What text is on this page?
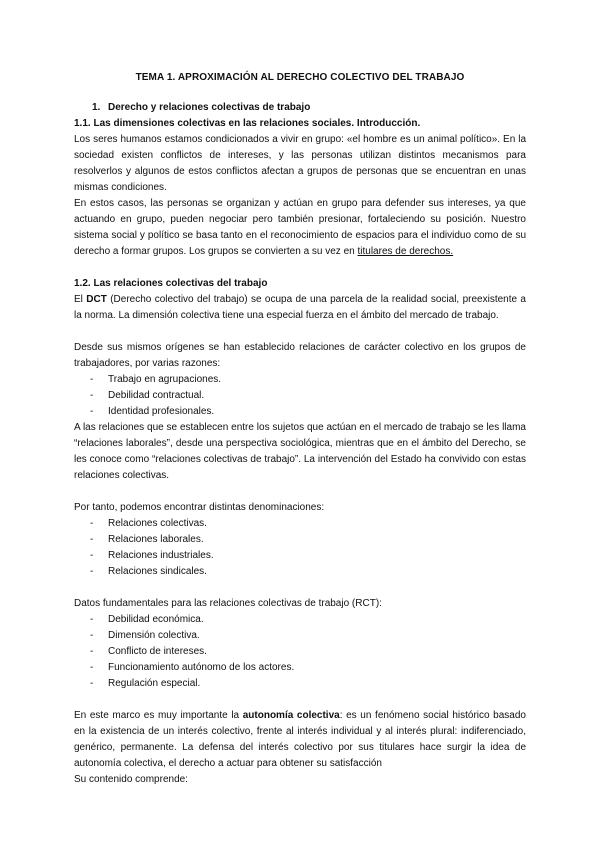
TEMA 1. APROXIMACIÓN AL DERECHO COLECTIVO DEL TRABAJO
1. Derecho y relaciones colectivas de trabajo
1.1. Las dimensiones colectivas en las relaciones sociales. Introducción.

Los seres humanos estamos condicionados a vivir en grupo: «el hombre es un animal político». En la sociedad existen conflictos de intereses, y las personas utilizan distintos mecanismos para resolverlos y algunos de estos conflictos afectan a grupos de personas que se encuentran en unas mismas condiciones.

En estos casos, las personas se organizan y actúan en grupo para defender sus intereses, ya que actuando en grupo, pueden negociar pero también presionar, fortaleciendo su posición. Nuestro sistema social y político se basa tanto en el reconocimiento de espacios para el individuo como de su derecho a formar grupos. Los grupos se convierten a su vez en titulares de derechos.

1.2. Las relaciones colectivas del trabajo

El DCT (Derecho colectivo del trabajo) se ocupa de una parcela de la realidad social, preexistente a la norma. La dimensión colectiva tiene una especial fuerza en el ámbito del mercado de trabajo.

Desde sus mismos orígenes se han establecido relaciones de carácter colectivo en los grupos de trabajadores, por varias razones:

- Trabajo en agrupaciones.
- Debilidad contractual.
- Identidad profesionales.

A las relaciones que se establecen entre los sujetos que actúan en el mercado de trabajo se les llama “relaciones laborales”, desde una perspectiva sociológica, mientras que en el ámbito del Derecho, se les conoce como “relaciones colectivas de trabajo”. La intervención del Estado ha convivido con estas relaciones colectivas.

Por tanto, podemos encontrar distintas denominaciones:

- Relaciones colectivas.
- Relaciones laborales.
- Relaciones industriales.
- Relaciones sindicales.

Datos fundamentales para las relaciones colectivas de trabajo (RCT):

- Debilidad económica.
- Dimensión colectiva.
- Conflicto de intereses.
- Funcionamiento autónomo de los actores.
- Regulación especial.

En este marco es muy importante la autonomía colectiva: es un fenómeno social histórico basado en la existencia de un interés colectivo, frente al interés individual y al interés plural: indiferenciado, genérico, permanente. La defensa del interés colectivo por sus titulares hace surgir la idea de autonomía colectiva, el derecho a actuar para obtener su satisfacción

Su contenido comprende:
